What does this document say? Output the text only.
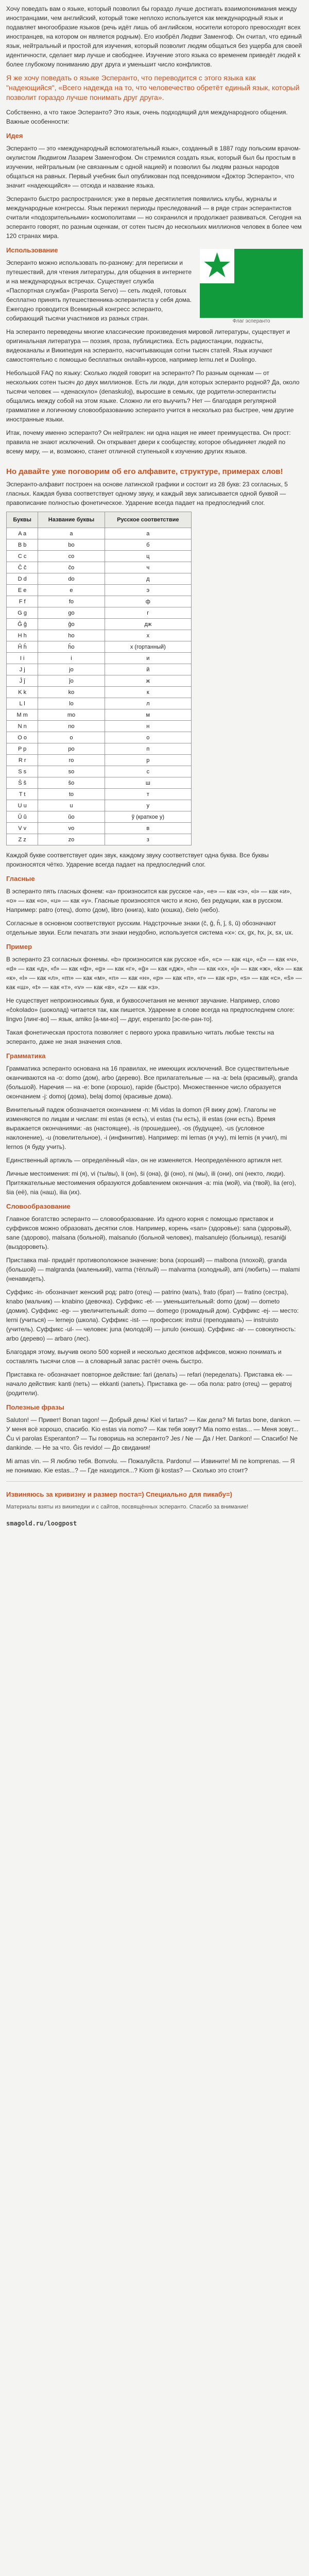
Хочу поведать вам о языке, который позволил бы гораздо лучше достигать взаимопонимания между иностранцами, чем английский, который тоже неплохо используется как международный язык и подавляет многообразие языков (речь идёт лишь об английском, носители которого превосходят всех иностранцев, на котором он является родным). Его изобрёл Людвиг Заменгоф. Он считал, что единый язык, нейтральный и простой для изучения, который позволит людям общаться без ущерба для своей идентичности, сделает мир лучше и свободнее. Изучение этого языка со временем приведёт людей к более глубокому пониманию друг друга и уменьшит число конфликтов.

Я же хочу поведать о языке Эсперанто, что переводится с этого языка как "надеющийся", «Всего надежда на то, что человечество обретёт единый язык, который позволит гораздо лучше понимать друг друга».

Собственно, а что такое Эсперанто? Это язык, очень подходящий для международного общения. Важные особенности:

Идея

Эсперанто — это «международный вспомогательный язык», созданный в 1887 году польским врачом-окулистом Людвигом Лазарем Заменгофом. Он стремился создать язык, который был бы простым в изучении, нейтральным (не связанным с одной нацией) и позволил бы людям разных народов общаться на равных. Первый учебник был опубликован под псевдонимом «Доктор Эсперанто», что значит «надеющийся» — отсюда и название языка.

Эсперанто быстро распространился: уже в первые десятилетия появились клубы, журналы и международные конгрессы. Язык пережил периоды преследований — в ряде стран эсперантистов считали «подозрительными» космополитами — но сохранился и продолжает развиваться. Сегодня на эсперанто говорят, по разным оценкам, от сотен тысяч до нескольких миллионов человек в более чем 120 странах мира.

Флаг эсперанто
Использование

Эсперанто можно использовать по-разному: для переписки и путешествий, для чтения литературы, для общения в интернете и на международных встречах. Существует служба «Паспортная служба» (Pasporta Servo) — сеть людей, готовых бесплатно принять путешественника-эсперантиста у себя дома. Ежегодно проводится Всемирный конгресс эсперанто, собирающий тысячи участников из разных стран.

На эсперанто переведены многие классические произведения мировой литературы, существует и оригинальная литература — поэзия, проза, публицистика. Есть радиостанции, подкасты, видеоканалы и Википедия на эсперанто, насчитывающая сотни тысяч статей. Язык изучают самостоятельно с помощью бесплатных онлайн-курсов, например lernu.net и Duolingo.

Небольшой FAQ по языку: Сколько людей говорит на эсперанто? По разным оценкам — от нескольких сотен тысяч до двух миллионов. Есть ли люди, для которых эсперанто родной? Да, около тысячи человек — «денаскуло» (denaskuloj), выросшие в семьях, где родители-эсперантисты общались между собой на этом языке. Сложно ли его выучить? Нет — благодаря регулярной грамматике и логичному словообразованию эсперанто учится в несколько раз быстрее, чем другие иностранные языки.

Итак, почему именно эсперанто? Он нейтрален: ни одна нация не имеет преимущества. Он прост: правила не знают исключений. Он открывает двери к сообществу, которое объединяет людей по всему миру, — и, возможно, станет отличной ступенькой к изучению других языков.

Но давайте уже поговорим об его алфавите, структуре, примерах слов!

Эсперанто-алфавит построен на основе латинской графики и состоит из 28 букв: 23 согласных, 5 гласных. Каждая буква соответствует одному звуку, и каждый звук записывается одной буквой — правописание полностью фонетическое. Ударение всегда падает на предпоследний слог.

Буквы	Название буквы	Русское соответствие
A a	a	а
B b	bo	б
C c	co	ц
Ĉ ĉ	ĉo	ч
D d	do	д
E e	e	э
F f	fo	ф
G g	go	г
Ĝ ĝ	ĝo	дж
H h	ho	х
Ĥ ĥ	ĥo	х (гортанный)
I i	i	и
J j	jo	й
Ĵ ĵ	ĵo	ж
K k	ko	к
L l	lo	л
M m	mo	м
N n	no	н
O o	o	о
P p	po	п
R r	ro	р
S s	so	с
Ŝ ŝ	ŝo	ш
T t	to	т
U u	u	у
Ŭ ŭ	ŭo	ў (краткое у)
V v	vo	в
Z z	zo	з

Каждой букве соответствует один звук, каждому звуку соответствует одна буква. Все буквы произносятся чётко. Ударение всегда падает на предпоследний слог.

Гласные

В эсперанто пять гласных фонем: «a» произносится как русское «а», «e» — как «э», «i» — как «и», «o» — как «о», «u» — как «у». Гласные произносятся чисто и ясно, без редукции, как в русском. Например: patro (отец), domo (дом), libro (книга), kato (кошка), ĉielo (небо).

Согласные в основном соответствуют русским. Надстрочные знаки (ĉ, ĝ, ĥ, ĵ, ŝ, ŭ) обозначают отдельные звуки. Если печатать эти знаки неудобно, используется система «x»: cx, gx, hx, jx, sx, ux.

Пример

В эсперанто 23 согласных фонемы. «b» произносится как русское «б», «c» — как «ц», «ĉ» — как «ч», «d» — как «д», «f» — как «ф», «g» — как «г», «ĝ» — как «дж», «h» — как «х», «ĵ» — как «ж», «k» — как «к», «l» — как «л», «m» — как «м», «n» — как «н», «p» — как «п», «r» — как «р», «s» — как «с», «ŝ» — как «ш», «t» — как «т», «v» — как «в», «z» — как «з».

Не существует непроизносимых букв, и буквосочетания не меняют звучание. Например, слово «ĉokolado» (шоколад) читается так, как пишется. Ударение в слове всегда на предпоследнем слоге: lingvo [линг-во] — язык, amiko [а-ми-ко] — друг, esperanto [эс-пе-ран-то].

Такая фонетическая простота позволяет с первого урока правильно читать любые тексты на эсперанто, даже не зная значения слов.

Грамматика

Грамматика эсперанто основана на 16 правилах, не имеющих исключений. Все существительные оканчиваются на -o: domo (дом), arbo (дерево). Все прилагательные — на -a: bela (красивый), granda (большой). Наречия — на -e: bone (хорошо), rapide (быстро). Множественное число образуется окончанием -j: domoj (дома), belaj domoj (красивые дома).

Винительный падеж обозначается окончанием -n: Mi vidas la domon (Я вижу дом). Глаголы не изменяются по лицам и числам: mi estas (я есть), vi estas (ты есть), ili estas (они есть). Время выражается окончаниями: -as (настоящее), -is (прошедшее), -os (будущее), -us (условное наклонение), -u (повелительное), -i (инфинитив). Например: mi lernas (я учу), mi lernis (я учил), mi lernos (я буду учить).

Единственный артикль — определённый «la», он не изменяется. Неопределённого артикля нет.

Личные местоимения: mi (я), vi (ты/вы), li (он), ŝi (она), ĝi (оно), ni (мы), ili (они), oni (некто, люди). Притяжательные местоимения образуются добавлением окончания -a: mia (мой), via (твой), lia (его), ŝia (её), nia (наш), ilia (их).

Словообразование

Главное богатство эсперанто — словообразование. Из одного корня с помощью приставок и суффиксов можно образовать десятки слов. Например, корень «san» (здоровье): sana (здоровый), sane (здорово), malsana (больной), malsanulo (больной человек), malsanulejo (больница), resaniĝi (выздороветь).

Приставка mal- придаёт противоположное значение: bona (хороший) — malbona (плохой), granda (большой) — malgranda (маленький), varma (тёплый) — malvarma (холодный), ami (любить) — malami (ненавидеть).

Суффикс -in- обозначает женский род: patro (отец) — patrino (мать), frato (брат) — fratino (сестра), knabo (мальчик) — knabino (девочка). Суффикс -et- — уменьшительный: domo (дом) — dometo (домик). Суффикс -eg- — увеличительный: domo — domego (громадный дом). Суффикс -ej- — место: lerni (учиться) — lernejo (школа). Суффикс -ist- — профессия: instrui (преподавать) — instruisto (учитель). Суффикс -ul- — человек: juna (молодой) — junulo (юноша). Суффикс -ar- — совокупность: arbo (дерево) — arbaro (лес).

Благодаря этому, выучив около 500 корней и несколько десятков аффиксов, можно понимать и составлять тысячи слов — а словарный запас растёт очень быстро.

Приставка re- обозначает повторное действие: fari (делать) — refari (переделать). Приставка ek- — начало действия: kanti (петь) — ekkanti (запеть). Приставка ge- — оба пола: patro (отец) — gepatroj (родители).

Полезные фразы

Saluton! — Привет! Bonan tagon! — Добрый день! Kiel vi fartas? — Как дела? Mi fartas bone, dankon. — У меня всё хорошо, спасибо. Kio estas via nomo? — Как тебя зовут? Mia nomo estas... — Меня зовут... Ĉu vi parolas Esperanton? — Ты говоришь на эсперанто? Jes / Ne — Да / Нет. Dankon! — Спасибо! Ne dankinde. — Не за что. Ĝis revido! — До свидания!

Mi amas vin. — Я люблю тебя. Bonvolu. — Пожалуйста. Pardonu! — Извините! Mi ne komprenas. — Я не понимаю. Kie estas...? — Где находится...? Kiom ĝi kostas? — Сколько это стоит?

Извиняюсь за кривизну и размер поста=) Специально для пикабу=)

Материалы взяты из википедии и с сайтов, посвящённых эсперанто. Спасибо за внимание!

smagold.ru/loogpost
